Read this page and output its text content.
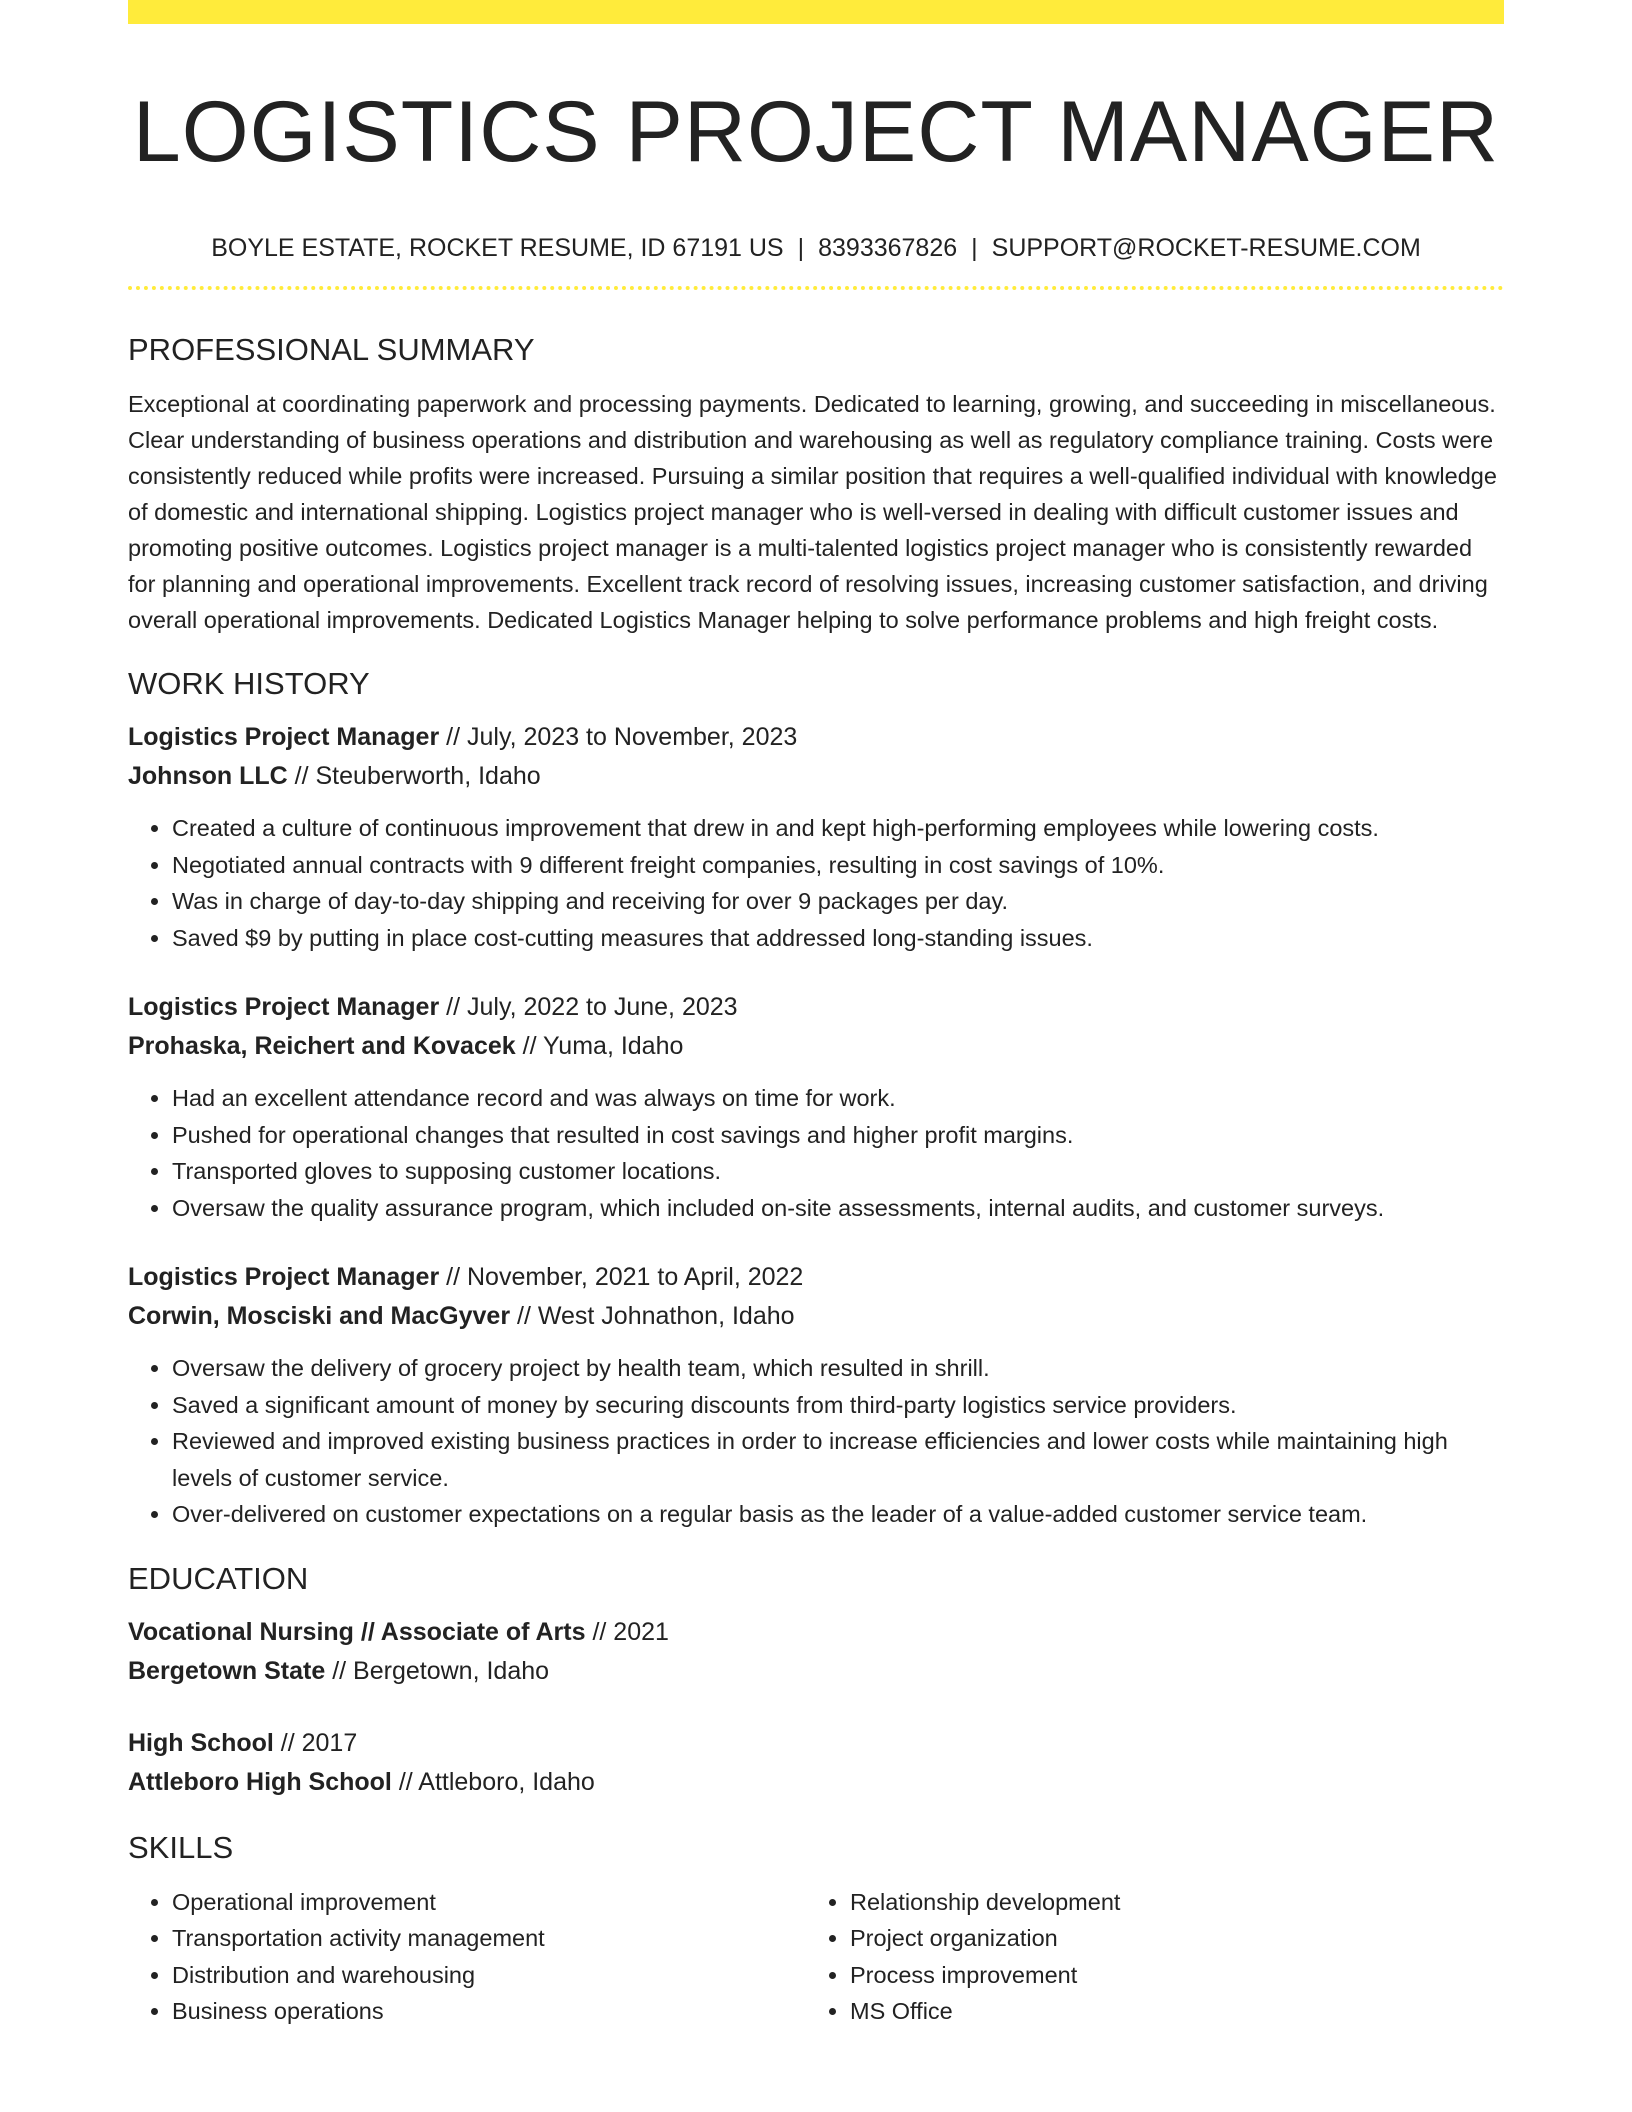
LOGISTICS PROJECT MANAGER
BOYLE ESTATE, ROCKET RESUME, ID 67191 US | 8393367826 | SUPPORT@ROCKET-RESUME.COM
PROFESSIONAL SUMMARY

Exceptional at coordinating paperwork and processing payments. Dedicated to learning, growing, and succeeding in miscellaneous. Clear understanding of business operations and distribution and warehousing as well as regulatory compliance training. Costs were consistently reduced while profits were increased. Pursuing a similar position that requires a well-qualified individual with knowledge of domestic and international shipping. Logistics project manager who is well-versed in dealing with difficult customer issues and promoting positive outcomes. Logistics project manager is a multi-talented logistics project manager who is consistently rewarded for planning and operational improvements. Excellent track record of resolving issues, increasing customer satisfaction, and driving overall operational improvements. Dedicated Logistics Manager helping to solve performance problems and high freight costs.

WORK HISTORY
Logistics Project Manager // July, 2023 to November, 2023
Johnson LLC // Steuberworth, Idaho
• Created a culture of continuous improvement that drew in and kept high-performing employees while lowering costs.
• Negotiated annual contracts with 9 different freight companies, resulting in cost savings of 10%.
• Was in charge of day-to-day shipping and receiving for over 9 packages per day.
• Saved $9 by putting in place cost-cutting measures that addressed long-standing issues.
Logistics Project Manager // July, 2022 to June, 2023
Prohaska, Reichert and Kovacek // Yuma, Idaho
• Had an excellent attendance record and was always on time for work.
• Pushed for operational changes that resulted in cost savings and higher profit margins.
• Transported gloves to supposing customer locations.
• Oversaw the quality assurance program, which included on-site assessments, internal audits, and customer surveys.
Logistics Project Manager // November, 2021 to April, 2022
Corwin, Mosciski and MacGyver // West Johnathon, Idaho
• Oversaw the delivery of grocery project by health team, which resulted in shrill.
• Saved a significant amount of money by securing discounts from third-party logistics service providers.
• Reviewed and improved existing business practices in order to increase efficiencies and lower costs while maintaining high levels of customer service.
• Over-delivered on customer expectations on a regular basis as the leader of a value-added customer service team.
EDUCATION
Vocational Nursing // Associate of Arts // 2021
Bergetown State // Bergetown, Idaho
High School // 2017
Attleboro High School // Attleboro, Idaho
SKILLS
• Operational improvement
• Transportation activity management
• Distribution and warehousing
• Business operations
• Relationship development
• Project organization
• Process improvement
• MS Office
